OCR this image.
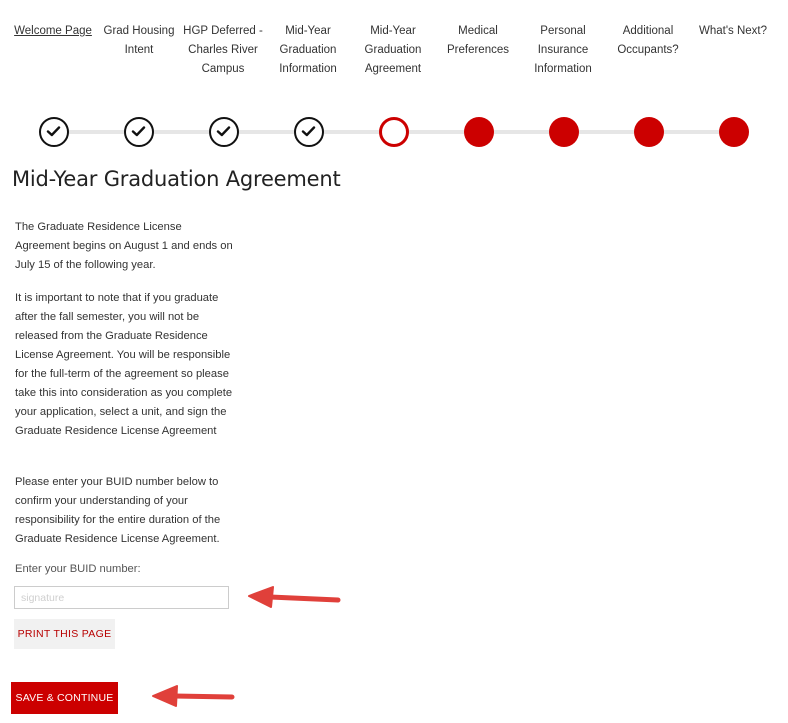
Welcome Page	Grad Housing Intent
HGP Deferred - Charles River Campus
Mid-Year Graduation Information
Mid-Year Graduation Agreement
Medical Preferences
Personal Insurance Information
Additional Occupants?
What's Next?
Mid-Year Graduation Agreement

The Graduate Residence License Agreement begins on August 1 and ends on July 15 of the following year.

It is important to note that if you graduate after the fall semester, you will not be released from the Graduate Residence License Agreement. You will be responsible for the full-term of the agreement so please take this into consideration as you complete your application, select a unit, and sign the Graduate Residence License Agreement

Please enter your BUID number below to confirm your understanding of your responsibility for the entire duration of the Graduate Residence License Agreement.

Enter your BUID number:
signature
PRINT THIS PAGE
SAVE & CONTINUE
